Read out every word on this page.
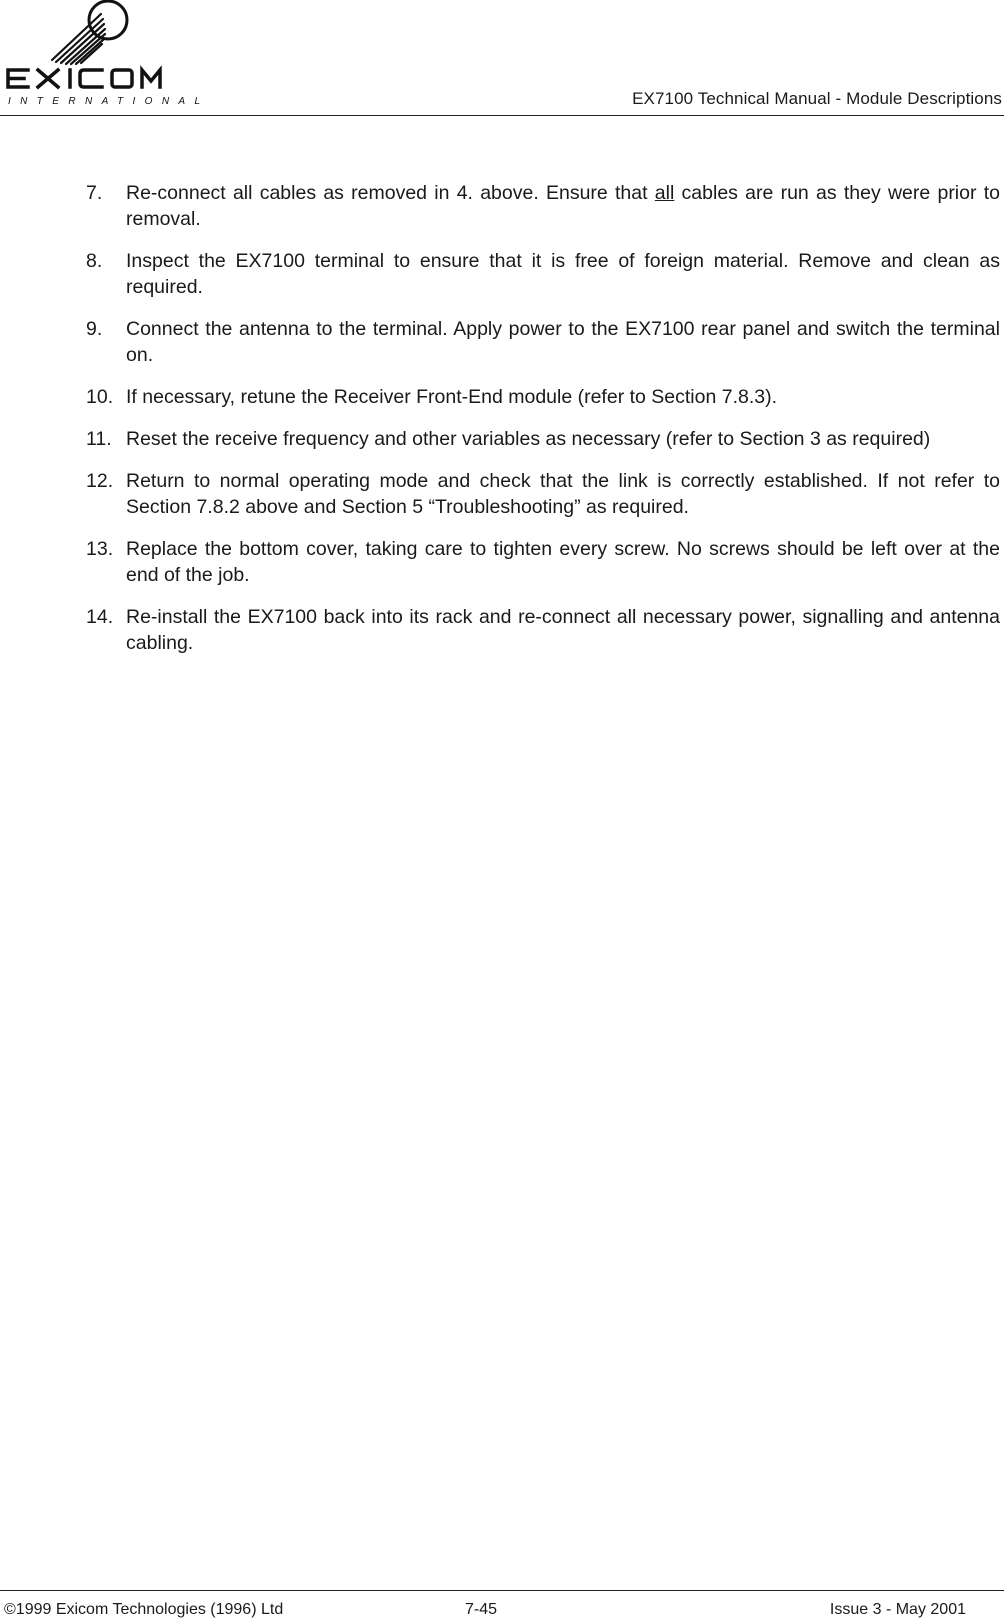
INTERNATIONAL	EX7100 Technical Manual - Module Descriptions
7.	Re-connect all cables as removed in 4. above. Ensure that all cables are run as they were prior to removal.
8.	Inspect the EX7100 terminal to ensure that it is free of foreign material. Remove and clean as required.
9.	Connect the antenna to the terminal. Apply power to the EX7100 rear panel and switch the terminal on.
10. If necessary, retune the Receiver Front-End module (refer to Section 7.8.3).
11. Reset the receive frequency and other variables as necessary (refer to Section 3 as required)
12. Return to normal operating mode and check that the link is correctly established. If not refer to Section 7.8.2 above and Section 5 “Troubleshooting” as required.
13. Replace the bottom cover, taking care to tighten every screw. No screws should be left over at the end of the job.
14. Re-install the EX7100 back into its rack and re-connect all necessary power, signalling and antenna cabling.
©1999 Exicom Technologies (1996) Ltd	7-45	Issue 3 - May 2001
